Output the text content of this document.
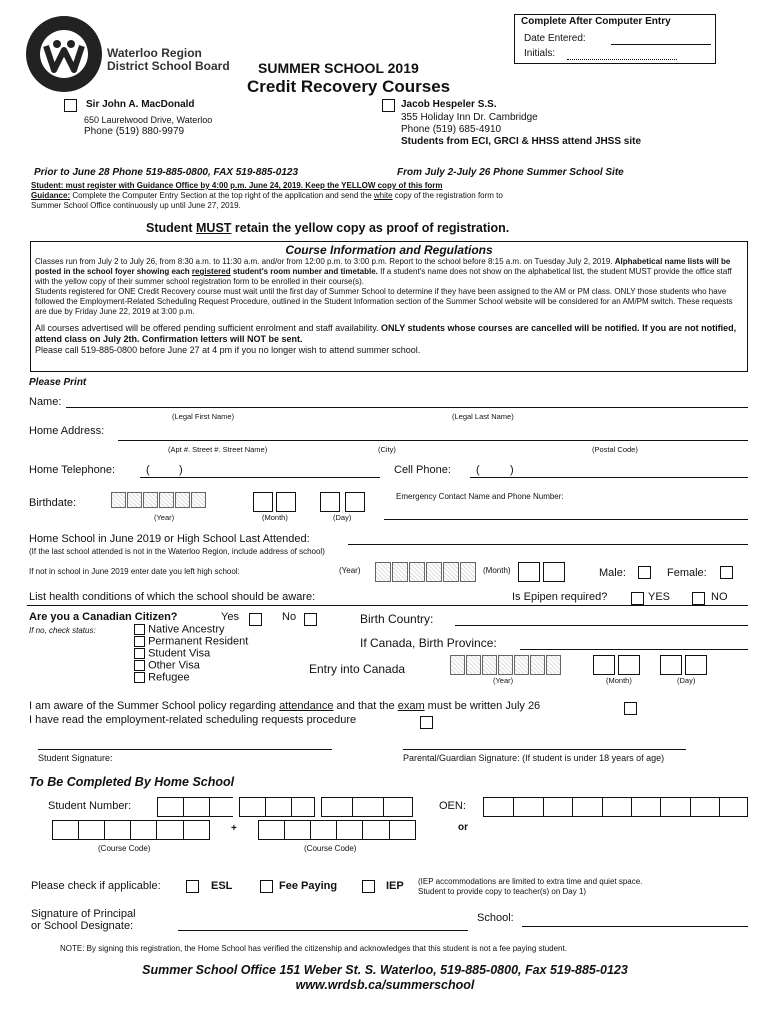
Complete After Computer Entry
Date Entered:
Initials:
Waterloo Region
District School Board SUMMER SCHOOL 2019
Credit Recovery Courses
Sir John A. MacDonald
650 Laurelwood Drive, Waterloo
Phone (519) 880-9979
Jacob Hespeler S.S.
355 Holiday Inn Dr. Cambridge
Phone (519) 685-4910
Students from ECI, GRCI & HHSS attend JHSS site
Prior to June 28 Phone 519-885-0800, FAX 519-885-0123	From July 2-July 26 Phone Summer School Site
Student: must register with Guidance Office by 4:00 p.m. June 24, 2019. Keep the YELLOW copy of this form
Guidance: Complete the Computer Entry Section at the top right of the application and send the white copy of the registration form to
Summer School Office continuously up until June 27, 2019.
Student MUST retain the yellow copy as proof of registration.
Course Information and Regulations
Classes run from July 2 to July 26, from 8:30 a.m. to 11:30 a.m. and/or from 12:00 p.m. to 3:00 p.m. Report to the school before 8:15 a.m. on Tuesday July 2, 2019. Alphabetical name lists will be posted in the school foyer showing each registered student's room number and timetable. If a student's name does not show on the alphabetical list, the student MUST provide the office staff with the yellow copy of their summer school registration form to be enrolled in their course(s).
Students registered for ONE Credit Recovery course must wait until the first day of Summer School to determine if they have been assigned to the AM or PM class. ONLY those students who have followed the Employment-Related Scheduling Request Procedure, outlined in the Student Information section of the Summer School website will be considered for an AM/PM switch. These requests are due by Friday June 22, 2019 at 3:00 p.m.
All courses advertised will be offered pending sufficient enrolment and staff availability. ONLY students whose courses are cancelled will be notified. If you are not notified, attend class on July 2th. Confirmation letters will NOT be sent.
Please call 519-885-0800 before June 27 at 4 pm if you no longer wish to attend summer school.
Please Print
Name:
(Legal First Name)	(Legal Last Name)
Home Address:
(Apt #. Street #. Street Name)	(City)	(Postal Code)
Home Telephone:	(	)	Cell Phone: (	)
Birthdate:
(Year)	(Month)	(Day)
Emergency Contact Name and Phone Number:
Home School in June 2019 or High School Last Attended:
(If the last school attended is not in the Waterloo Region, include address of school)
If not in school in June 2019 enter date you left high school:	(Year)	(Month)	Male:	Female:
List health conditions of which the school should be aware:	Is Epipen required?	YES	NO
Are you a Canadian Citizen?	Yes	No
If no, check status:	Native Ancestry
Permanent Resident
Student Visa
Other Visa
Refugee
Birth Country:
If Canada, Birth Province:
Entry into Canada
(Year)	(Month)	(Day)
I am aware of the Summer School policy regarding attendance and that the exam must be written July 26
I have read the employment-related scheduling requests procedure
Student Signature:	Parental/Guardian Signature: (If student is under 18 years of age)
To Be Completed By Home School
Student Number:	OEN:
+	or
(Course Code)	(Course Code)
Please check if applicable:	ESL	Fee Paying	IEP (IEP accommodations are limited to extra time and quiet space.
Student to provide copy to teacher(s) on Day 1)
Signature of Principal
or School Designate:
School:
NOTE: By signing this registration, the Home School has verified the citizenship and acknowledges that this student is not a fee paying student.
Summer School Office 151 Weber St. S. Waterloo, 519-885-0800, Fax 519-885-0123
www.wrdsb.ca/summerschool
